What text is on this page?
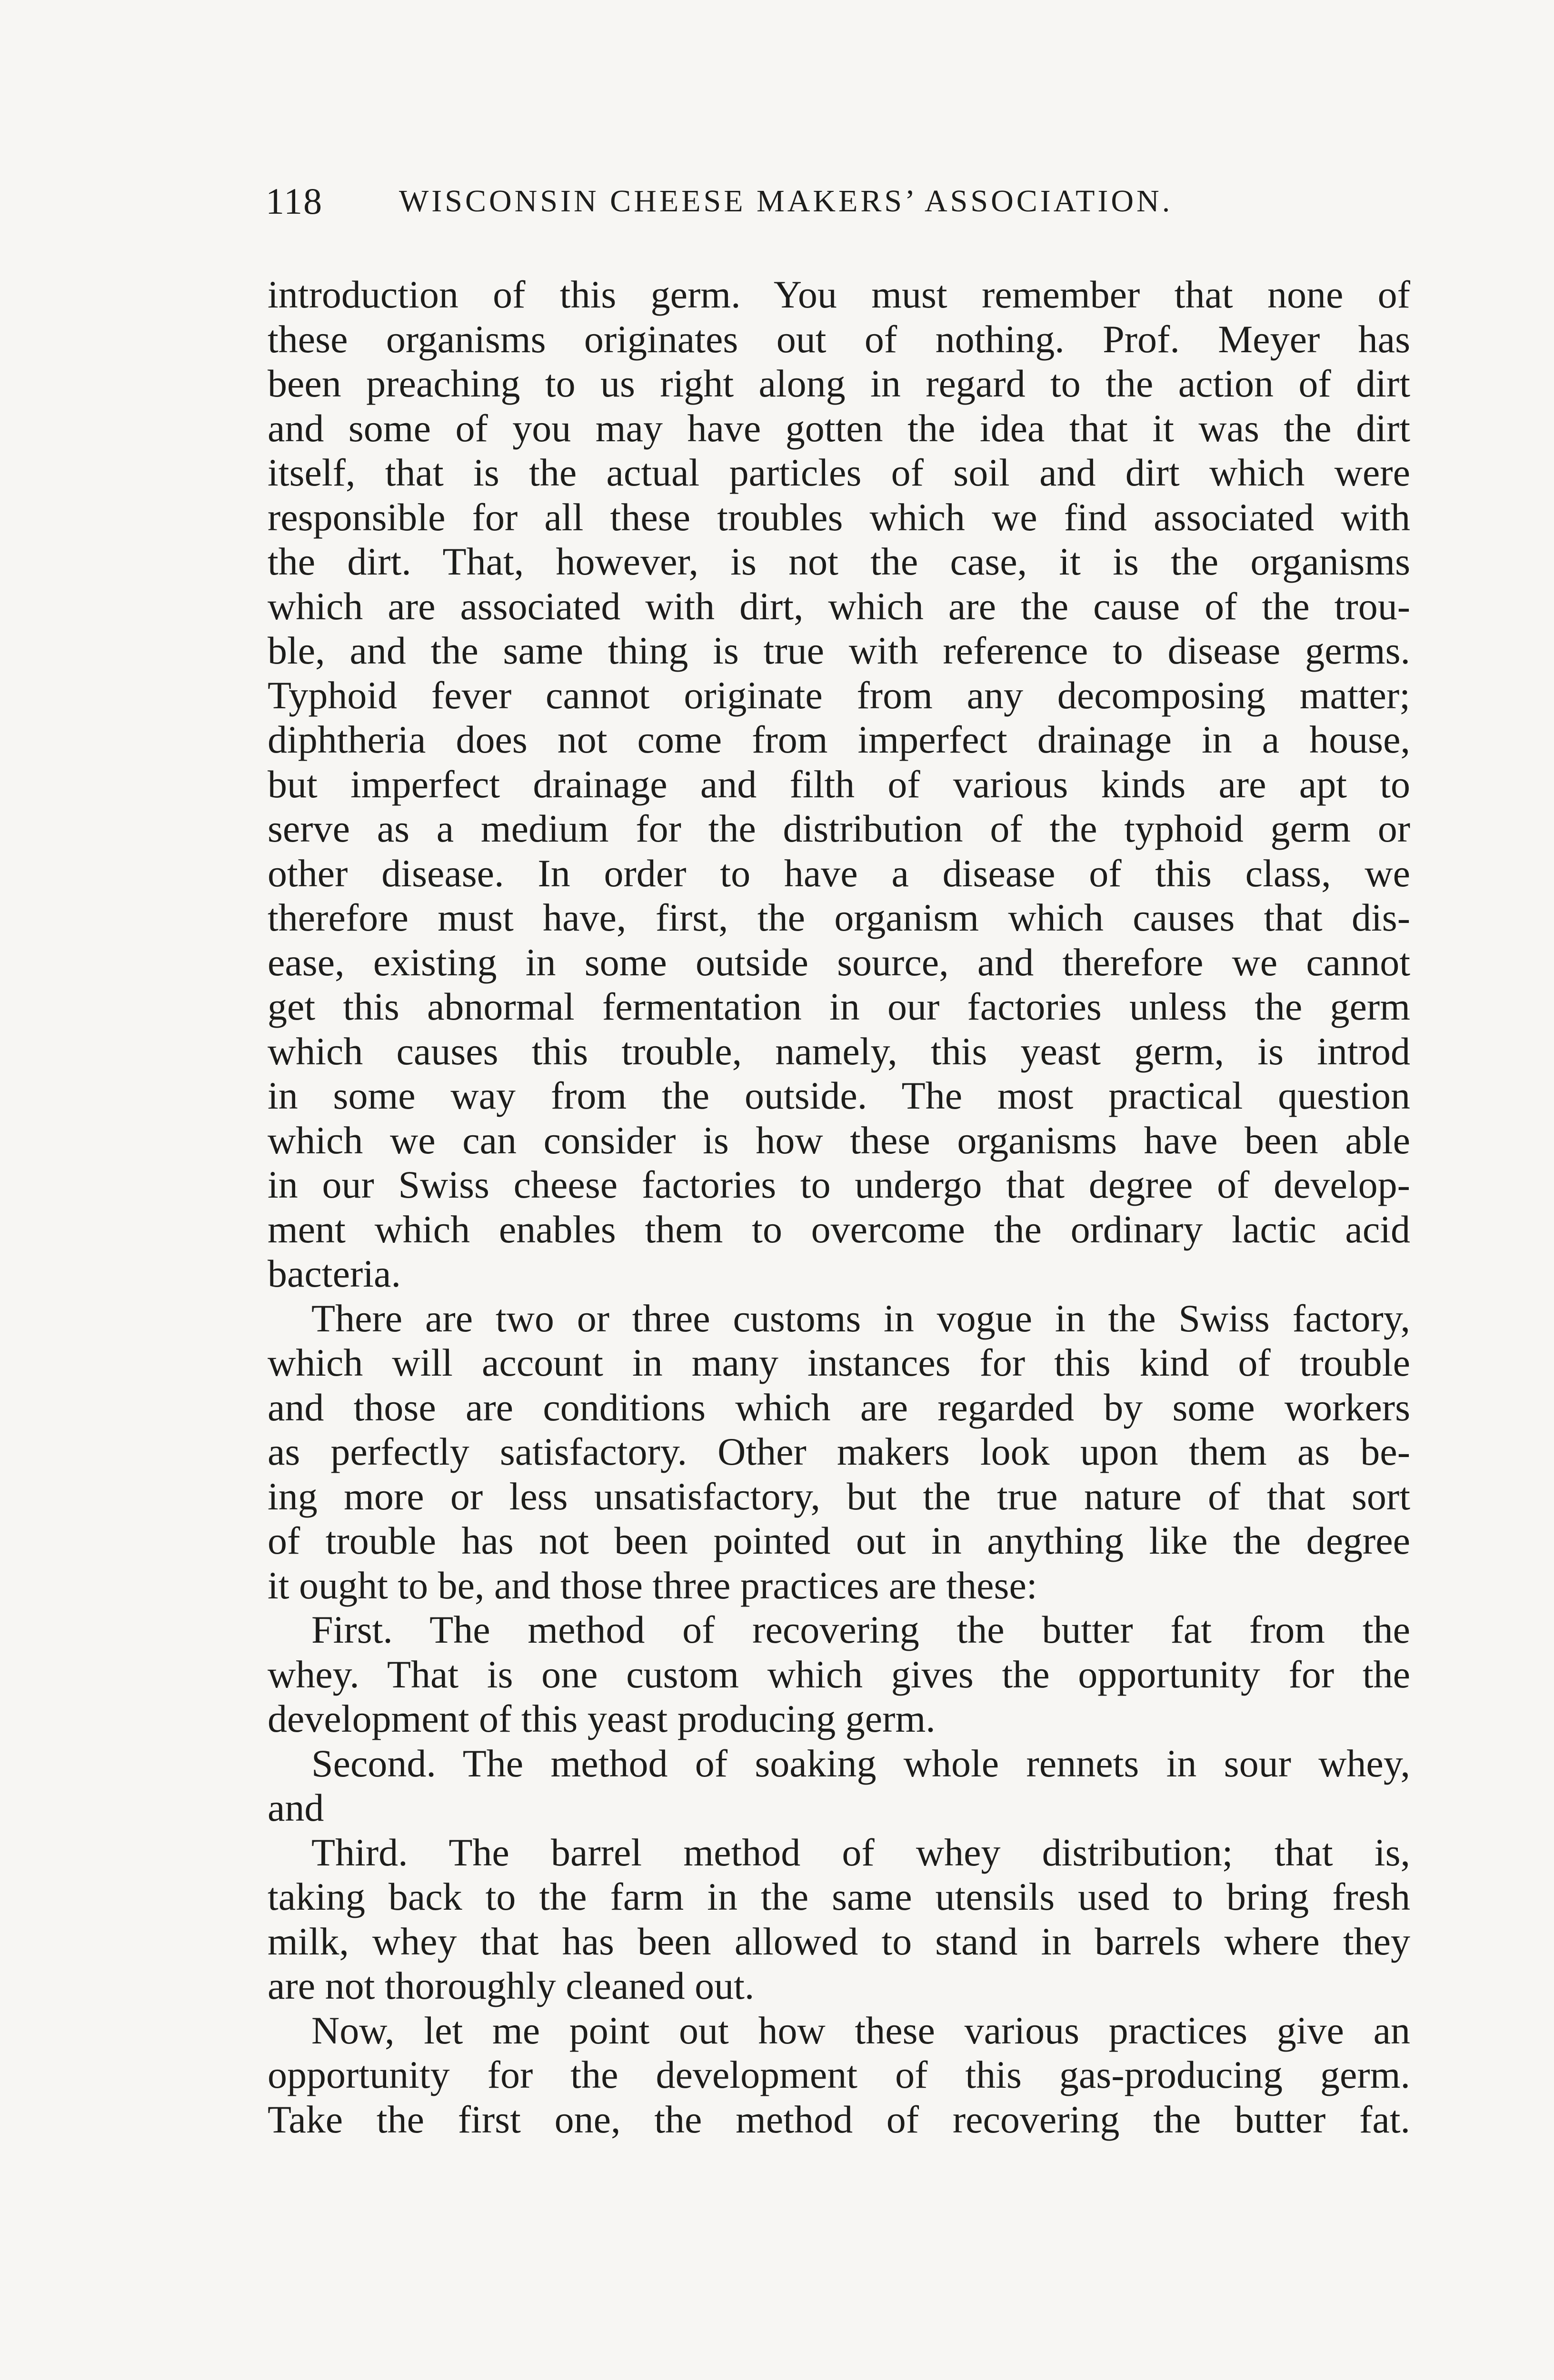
118 WISCONSIN CHEESE MAKERS’ ASSOCIATION.
introduction of this germ. You must remember that none of
these organisms originates out of nothing. Prof. Meyer has
been preaching to us right along in regard to the action of dirt
and some of you may have gotten the idea that it was the dirt
itself, that is the actual particles of soil and dirt which were
responsible for all these troubles which we find associated with
the dirt. That, however, is not the case, it is the organisms
which are associated with dirt, which are the cause of the trou-
ble, and the same thing is true with reference to disease germs.
Typhoid fever cannot originate from any decomposing matter;
diphtheria does not come from imperfect drainage in a house,
but imperfect drainage and filth of various kinds are apt to
serve as a medium for the distribution of the typhoid germ or
other disease. In order to have a disease of this class, we
therefore must have, first, the organism which causes that dis-
ease, existing in some outside source, and therefore we cannot
get this abnormal fermentation in our factories unless the germ
which causes this trouble, namely, this yeast germ, is introd
in some way from the outside. The most practical question
which we can consider is how these organisms have been able
in our Swiss cheese factories to undergo that degree of develop-
ment which enables them to overcome the ordinary lactic acid
bacteria.
There are two or three customs in vogue in the Swiss factory,
which will account in many instances for this kind of trouble
and those are conditions which are regarded by some workers
as perfectly satisfactory. Other makers look upon them as be-
ing more or less unsatisfactory, but the true nature of that sort
of trouble has not been pointed out in anything like the degree
it ought to be, and those three practices are these:
First. The method of recovering the butter fat from the
whey. That is one custom which gives the opportunity for the
development of this yeast producing germ.
Second. The method of soaking whole rennets in sour whey,
and
Third. The barrel method of whey distribution; that is,
taking back to the farm in the same utensils used to bring fresh
milk, whey that has been allowed to stand in barrels where they
are not thoroughly cleaned out.
Now, let me point out how these various practices give an
opportunity for the development of this gas-producing germ.
Take the first one, the method of recovering the butter fat.
